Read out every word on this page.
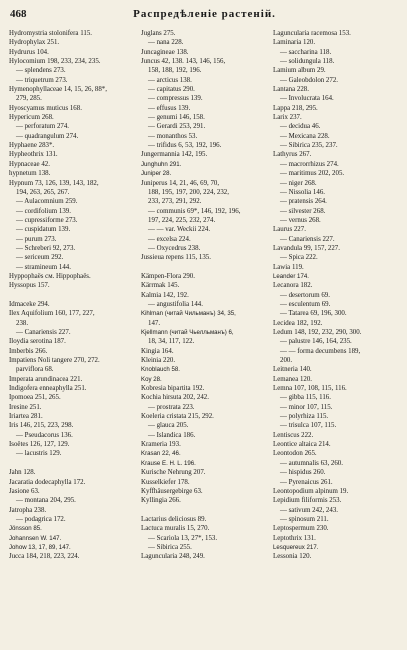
468	Распредѣленіе растеній.
Hydromystria stolonifera 115.
Hydrophylax 251.
Hydrurus 104.
Hylocomium 198, 233, 234, 235.
— splendens 273.
— triquetrum 273.
Hymenophyllaceae 14, 15, 26, 88*,
279, 285.
Hyoscyamus muticus 168.
Hypericum 268.
— perforatum 274.
— quadrangulum 274.
Hyphaene 283*.
Hyphеothrix 131.
Hypnaceae 42.
hypnetum 138.
Hypnum 73, 126, 139, 143, 182,
194, 263, 265, 267.
— Aulacomnium 259.
— cordifolium 139.
— cupressiforme 273.
— cuspidatum 139.
— purum 273.
— Schreberi 92, 273.
— sericeum 292.
— stramineum 144.
Hyppophaës см. Hippophaës.
Hyssopus 157.
Idmaceke 294.
Ilex Aquifolium 160, 177, 227,
238.
— Canariensis 227.
Iloydia serotina 187.
Imberbis 266.
Impatiens Noli tangere 270, 272.
parviflora 68.
Imperata arundinacea 221.
Indigofera enneaphylla 251.
Ipomoea 251, 265.
Iresine 251.
Iriartea 281.
Iris 146, 215, 223, 298.
— Pseudacorus 136.
Isoëtes 126, 127, 129.
— lacustris 129.
Jahn 128.
Jacaratia dodecaphylla 172.
Jasione 63.
— montana 204, 295.
Jatropha 238.
— podagrica 172.
Jönsson 85.
Johannsen W. 147.
Johow 13, 17, 89, 147.
Jucca 184, 218, 223, 224.
Juglans 275.
— nana 228.
Juncaginеае 138.
Juncus 42, 138. 143, 146, 156,
158, 188, 192, 196.
— arcticus 138.
— capitatus 290.
— compressus 139.
— effusus 139.
— genumi 146, 158.
— Gerardi 253, 291.
— monanthos 53.
— trifidus 6, 53, 192, 196.
Jungermannia 142, 195.
Junghuhn 291.
Juniper 28.
Juniperus 14, 21, 46, 69, 70,
188, 195, 197, 200, 224, 232,
233, 273, 291, 292.
— communis 69*, 146, 192, 196,
197, 224, 225, 232, 274.
— — var. Weckii 224.
— excelsa 224.
— Oxycedrus 238.
Jussieua repens 115, 135.
Kämpen-Flora 290.
Kärrmak 145.
Kalmia 142, 192.
— angustifolia 144.
Kihlman (читай Чильманъ) 34, 35,
147.
Kjellmann (читай Чьелльманъ) 6,
18, 34, 117, 122.
Kingia 164.
Kleinia 220.
Knoblauch 58.
Koy 28.
Kobresia bipartita 192.
Kochia hirsuta 202, 242.
— prostrata 223.
Koeleria cristata 215, 292.
— glauca 205.
— Islandica 186.
Krameria 193.
Krasan 22, 46.
Krause E. H. L. 196.
Kurische Nehrung 207.
Kusselkiefer 178.
Kyffhäusergebirge 63.
Kyllingia 266.
Lactarius deliciosus 89.
Lactuca muralis 15, 270.
— Scariola 13, 27*, 153.
— Sibirica 255.
Laguncularia 248, 249.
Laguncularia racemosa 153.
Laminaria 120.
— saccharina 118.
— solidungula 118.
Lamium album 29.
— Galeobdolon 272.
Lantana 228.
— Involucrata 164.
Lappa 218, 295.
Larix 237.
— decidua 46.
— Mexicana 228.
— Sibirica 235, 237.
Lathyrus 267.
— macrorrhizus 274.
— maritimus 202, 205.
— niger 268.
— Nissolia 146.
— pratensis 264.
— silvester 268.
— vernus 268.
Laurus 227.
— Canariensis 227.
Lavandula 99, 157, 227.
— Spica 222.
Lawia 119.
Leander 174.
Lecanora 182.
— desertorum 69.
— esculentum 69.
— Tatarea 69, 196, 300.
Lecidea 182, 192.
Ledum 148, 192, 232, 290, 300.
— palustre 146, 164, 235.
— — forma decumbens 189,
200.
Leitneria 140.
Lemanea 120.
Lemna 107, 108, 115, 116.
— gibba 115, 116.
— minor 107, 115.
— polyrhiza 115.
— trisulca 107, 115.
Lentiscus 222.
Leontice altaica 214.
Leontodon 265.
— autumnalis 63, 260.
— hispidus 260.
— Pyrenaicus 261.
Leontopodium alpinum 19.
Lepidium filiformis 253.
— sativum 242, 243.
— spinosum 211.
Leptospermum 230.
Leptothrix 131.
Lesquereux 217.
Lessonia 120.
